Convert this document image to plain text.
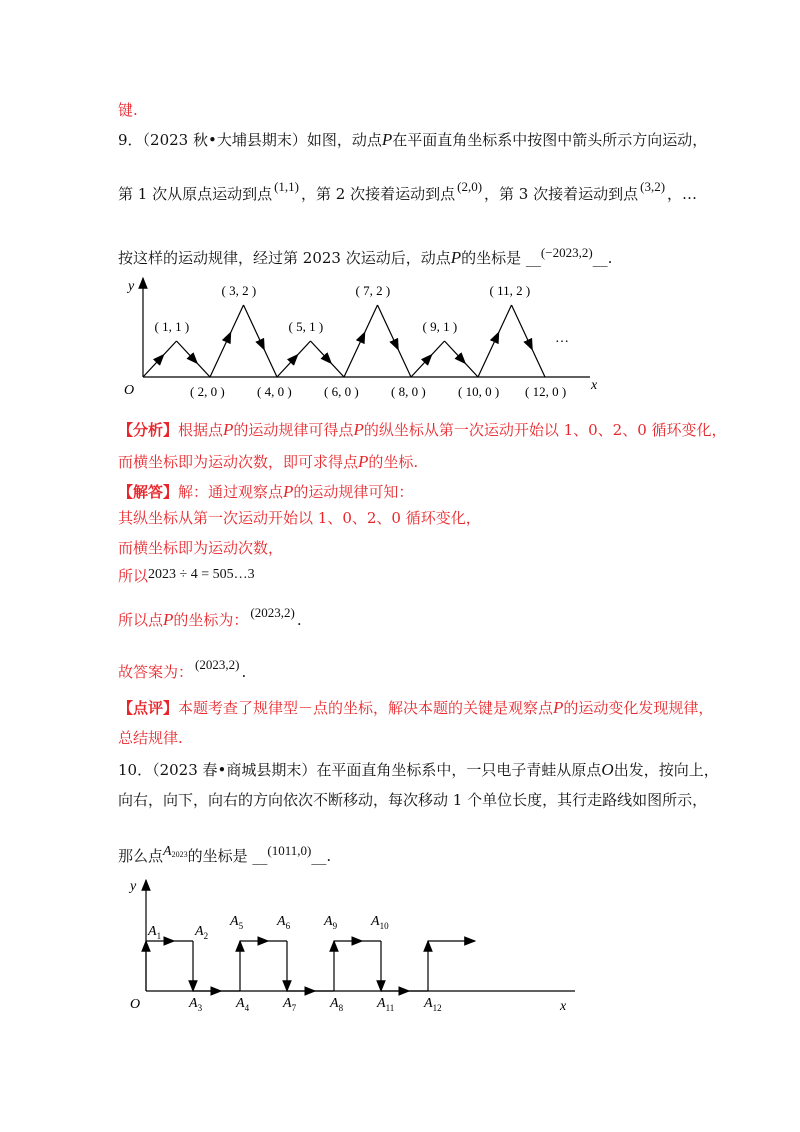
键.
9．（2023 秋•大埔县期末）如图，动点P在平面直角坐标系中按图中箭头所示方向运动，
第 1 次从原点运动到点 (1,1) ，第 2 次接着运动到点 (2,0) ，第 3 次接着运动到点 (3,2) ，…
按这样的运动规律，经过第 2023 次运动后，动点P的坐标是 __(−2023,2)__.
y
x
O
( 1, 1 )
( 3, 2 )
( 5, 1 )
( 7, 2 )
( 9, 1 )
( 11, 2 )
( 2, 0 ) ( 4, 0 ) ( 6, 0 ) ( 8, 0 ) ( 10, 0 ) ( 12, 0 )
…
【分析】根据点P的运动规律可得点P的纵坐标从第一次运动开始以 1、0、2、0 循环变化，
而横坐标即为运动次数，即可求得点P的坐标.
【解答】解：通过观察点P的运动规律可知：
其纵坐标从第一次运动开始以 1、0、2、0 循环变化，
而横坐标即为运动次数，
所以2023 ÷ 4 = 505…3
所以点P的坐标为： (2023,2) .
故答案为： (2023,2) .
【点评】本题考查了规律型－点的坐标，解决本题的关键是观察点P的运动变化发现规律，
总结规律.
10．（2023 春•商城县期末）在平面直角坐标系中，一只电子青蛙从原点O出发，按向上，
向右，向下，向右的方向依次不断移动，每次移动 1 个单位长度，其行走路线如图所示，
那么点$A^{2023}$的坐标是 __(1011,0)__.
y
x
O
$A_1$ $A_2$
$A_3$ $A_4$
$A_5$ $A_6$
$A_7$ $A_8$
$A_9$ $A_{10}$
$A_{11}$ $A_{12}$
